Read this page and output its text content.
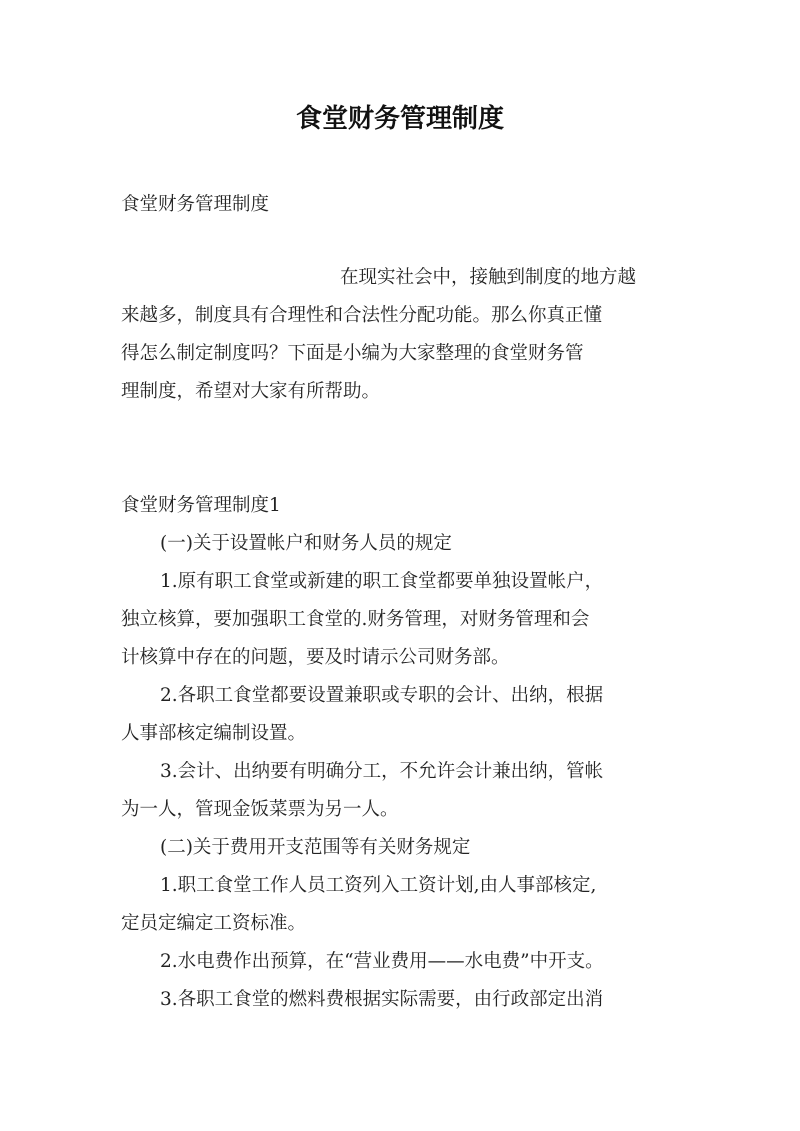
食堂财务管理制度
食堂财务管理制度
在现实社会中，接触到制度的地方越
来越多，制度具有合理性和合法性分配功能。那么你真正懂
得怎么制定制度吗？下面是小编为大家整理的食堂财务管
理制度，希望对大家有所帮助。
食堂财务管理制度1
(一)关于设置帐户和财务人员的规定
1.原有职工食堂或新建的职工食堂都要单独设置帐户，
独立核算，要加强职工食堂的.财务管理，对财务管理和会
计核算中存在的问题，要及时请示公司财务部。
2.各职工食堂都要设置兼职或专职的会计、出纳，根据
人事部核定编制设置。
3.会计、出纳要有明确分工，不允许会计兼出纳，管帐
为一人，管现金饭菜票为另一人。
(二)关于费用开支范围等有关财务规定
1.职工食堂工作人员工资列入工资计划,由人事部核定,
定员定编定工资标准。
2.水电费作出预算，在“营业费用——水电费”中开支。
3.各职工食堂的燃料费根据实际需要，由行政部定出消
